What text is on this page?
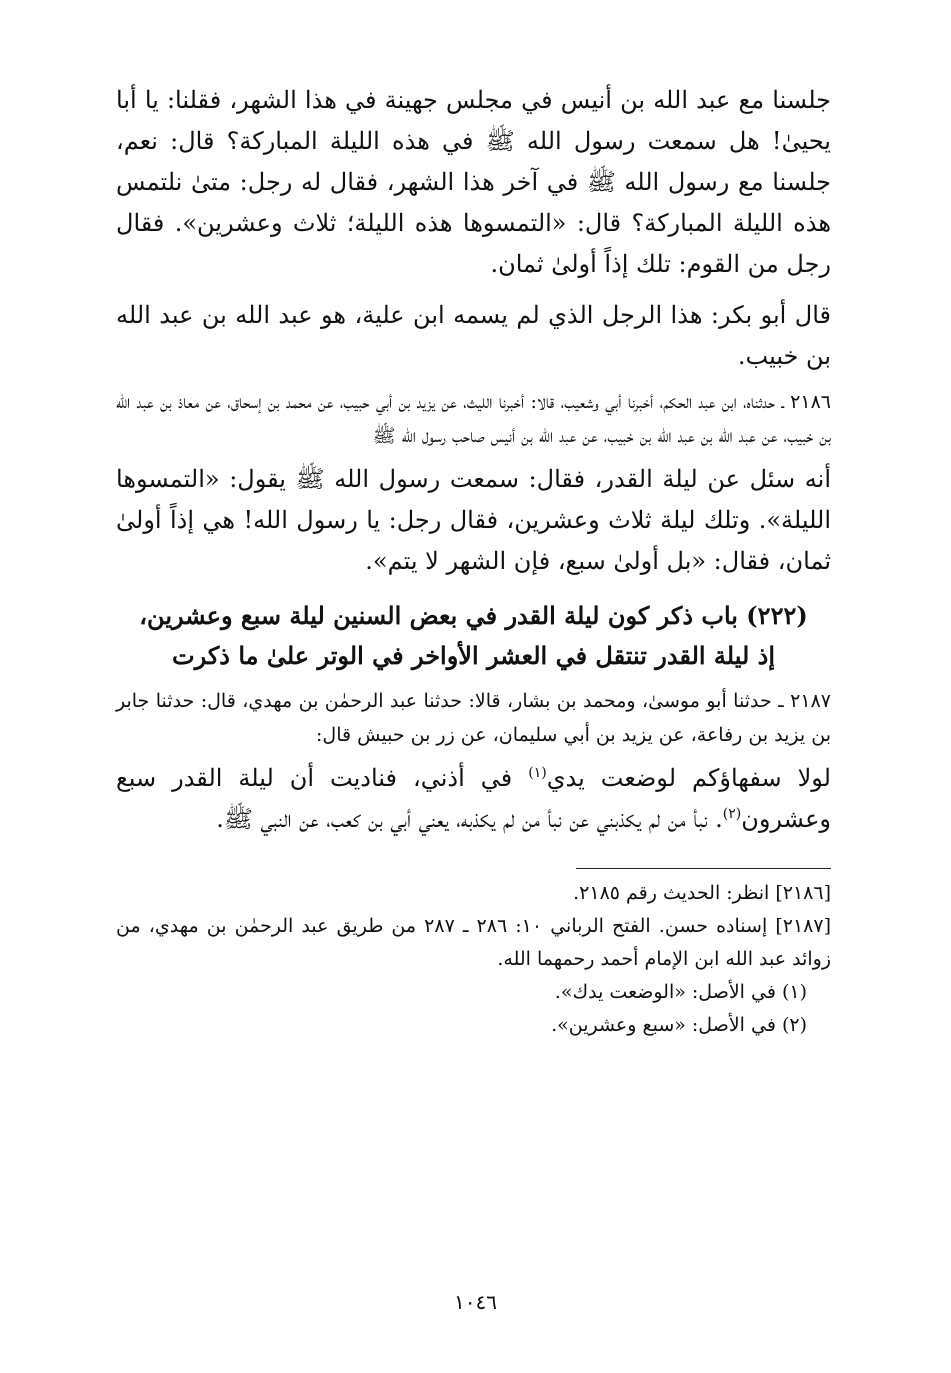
جلسنا مع عبد الله بن أنيس في مجلس جهينة في هذا الشهر، فقلنا: يا أبا يحيىٰ! هل سمعت رسول الله ﷺ في هذه الليلة المباركة؟ قال: نعم، جلسنا مع رسول الله ﷺ في آخر هذا الشهر، فقال له رجل: متىٰ نلتمس هذه الليلة المباركة؟ قال: «التمسوها هذه الليلة؛ ثلاث وعشرين». فقال رجل من القوم: تلك إذاً أولىٰ ثمان.

قال أبو بكر: هذا الرجل الذي لم يسمه ابن علية، هو عبد الله بن عبد الله بن خبيب.

٢١٨٦ ـ حدثناه، ابن عبد الحكم، أخبرنا أبي وشعيب، قالا: أخبرنا الليث، عن يزيد بن أبي حبيب، عن محمد بن إسحاق، عن معاذ بن عبد الله بن خبيب، عن عبد الله بن عبد الله بن خبيب، عن عبد الله بن أنيس صاحب رسول الله ﷺ

أنه سئل عن ليلة القدر، فقال: سمعت رسول الله ﷺ يقول: «التمسوها الليلة». وتلك ليلة ثلاث وعشرين، فقال رجل: يا رسول الله! هي إذاً أولىٰ ثمان، فقال: «بل أولىٰ سبع، فإن الشهر لا يتم».

(٢٢٢) باب ذكر كون ليلة القدر في بعض السنين ليلة سبع وعشرين،
إذ ليلة القدر تنتقل في العشر الأواخر في الوتر علىٰ ما ذكرت

٢١٨٧ ـ حدثنا أبو موسىٰ، ومحمد بن بشار، قالا: حدثنا عبد الرحمٰن بن مهدي، قال: حدثنا جابر بن يزيد بن رفاعة، عن يزيد بن أبي سليمان، عن زر بن حبيش قال:

لولا سفهاؤكم لوضعت يدي$^{(١)}$ في أذني، فناديت أن ليلة القدر سبع وعشرون$^{(٢)}$. نبأ من لم يكذبني عن نبأ من لم يكذبه، يعني أبي بن كعب، عن النبي ﷺ.

[٢١٨٦] انظر: الحديث رقم ٢١٨٥.

[٢١٨٧] إسناده حسن. الفتح الرباني ١٠: ٢٨٦ ـ ٢٨٧ من طريق عبد الرحمٰن بن مهدي، من زوائد عبد الله ابن الإمام أحمد رحمهما الله.

(١) في الأصل: «الوضعت يدك».

(٢) في الأصل: «سبع وعشرين».

١٠٤٦
